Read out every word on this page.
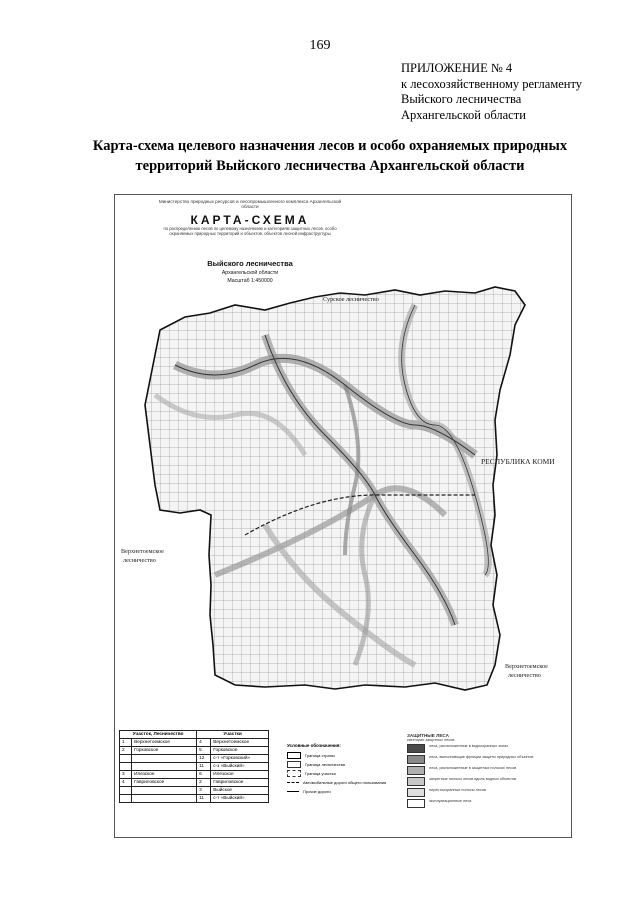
169
ПРИЛОЖЕНИЕ № 4
к лесохозяйственному регламенту
Выйского лесничества
Архангельской области
Карта-схема целевого назначения лесов и особо охраняемых природных
территорий Выйского лесничества Архангельской области
Министерство природных ресурсов и лесопромышленного комплекса Архангельской области
КАРТА-СХЕМА
по распределению лесов по целевому назначению и категориям защитных лесов, особо охраняемых природных территорий и объектов, объектов лесной инфраструктуры
Выйского лесничества
Архангельской области
Масштаб 1:450000
Сурское лесничество
РЕСПУБЛИКА КОМИ
Верхнетоемское
лесничество
Верхнетоемское
лесничество
Участок, Лесничество		Участки	
1	Верхнетоемское	4	Верхнетоемское
2	Горковское	5	Горковское
		12	с-т «Горковский»
		11	с-з «Выйский»
3	Илезское	6	Илезское
4	Гавриловское	2	Гавриловское
		3	Выйское
		11	с-т «Выйский»
Условные обозначения:
Граница страны
Граница лесничества
Граница участка
Автомобильные дороги общего пользования
Прочие дороги
ЗАЩИТНЫЕ ЛЕСА
категории защитных лесов
леса, расположенные в водоохранных зонах
леса, выполняющие функции защиты природных объектов
леса, расположенные в защитных полосах лесов
запретные полосы лесов вдоль водных объектов
нерестоохранные полосы лесов
эксплуатационные леса
